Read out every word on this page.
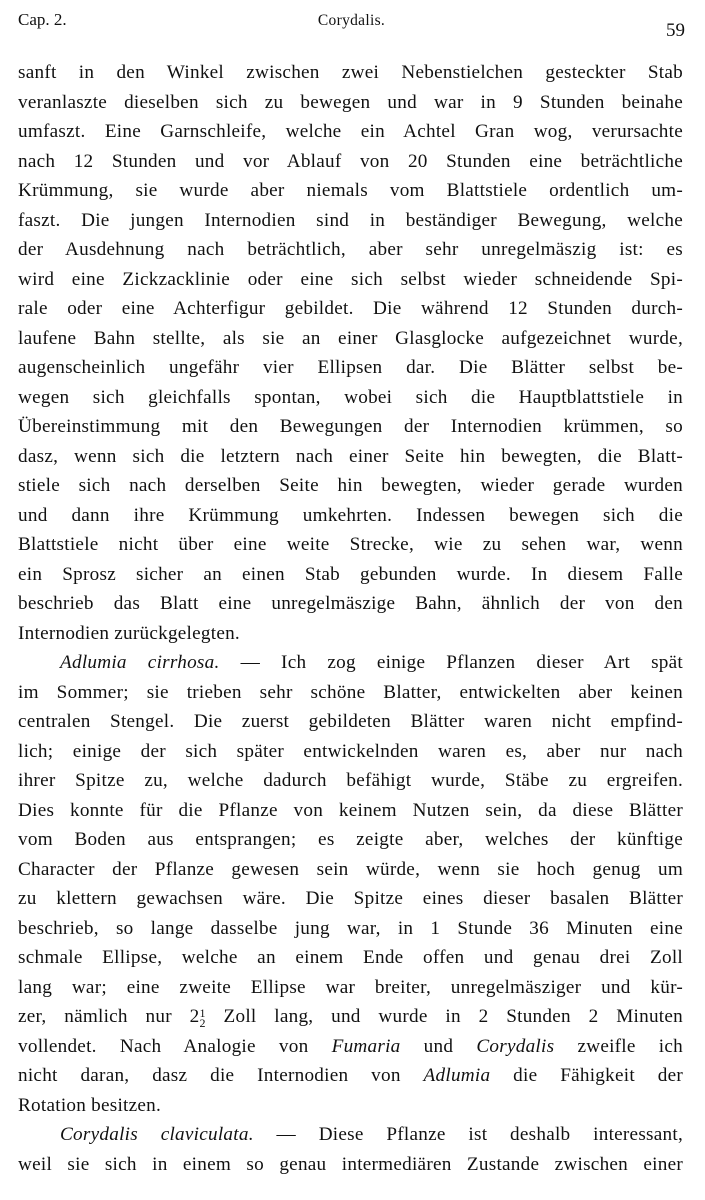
Cap. 2.	Corydalis.	59
sanft in den Winkel zwischen zwei Nebenstielchen gesteckter Stab
veranlaszte dieselben sich zu bewegen und war in 9 Stunden beinahe
umfaszt. Eine Garnschleife, welche ein Achtel Gran wog, verursachte
nach 12 Stunden und vor Ablauf von 20 Stunden eine beträchtliche
Krümmung, sie wurde aber niemals vom Blattstiele ordentlich um-
faszt. Die jungen Internodien sind in beständiger Bewegung, welche
der Ausdehnung nach beträchtlich, aber sehr unregelmäszig ist: es
wird eine Zickzacklinie oder eine sich selbst wieder schneidende Spi-
rale oder eine Achterfigur gebildet. Die während 12 Stunden durch-
laufene Bahn stellte, als sie an einer Glasglocke aufgezeichnet wurde,
augenscheinlich ungefähr vier Ellipsen dar. Die Blätter selbst be-
wegen sich gleichfalls spontan, wobei sich die Hauptblattstiele in
Übereinstimmung mit den Bewegungen der Internodien krümmen, so
dasz, wenn sich die letztern nach einer Seite hin bewegten, die Blatt-
stiele sich nach derselben Seite hin bewegten, wieder gerade wurden
und dann ihre Krümmung umkehrten. Indessen bewegen sich die
Blattstiele nicht über eine weite Strecke, wie zu sehen war, wenn
ein Sprosz sicher an einen Stab gebunden wurde. In diesem Falle
beschrieb das Blatt eine unregelmäszige Bahn, ähnlich der von den
Internodien zurückgelegten.
Adlumia cirrhosa. — Ich zog einige Pflanzen dieser Art spät
im Sommer; sie trieben sehr schöne Blatter, entwickelten aber keinen
centralen Stengel. Die zuerst gebildeten Blätter waren nicht empfind-
lich; einige der sich später entwickelnden waren es, aber nur nach
ihrer Spitze zu, welche dadurch befähigt wurde, Stäbe zu ergreifen.
Dies konnte für die Pflanze von keinem Nutzen sein, da diese Blätter
vom Boden aus entsprangen; es zeigte aber, welches der künftige
Character der Pflanze gewesen sein würde, wenn sie hoch genug um
zu klettern gewachsen wäre. Die Spitze eines dieser basalen Blätter
beschrieb, so lange dasselbe jung war, in 1 Stunde 36 Minuten eine
schmale Ellipse, welche an einem Ende offen und genau drei Zoll
lang war; eine zweite Ellipse war breiter, unregelmäsziger und kür-
zer, nämlich nur 2 1
2 Zoll lang, und wurde in 2 Stunden 2 Minuten
vollendet. Nach Analogie von Fumaria und Corydalis zweifle ich
nicht daran, dasz die Internodien von Adlumia die Fähigkeit der
Rotation besitzen.
Corydalis claviculata. — Diese Pflanze ist deshalb interessant,
weil sie sich in einem so genau intermediären Zustande zwischen einer
